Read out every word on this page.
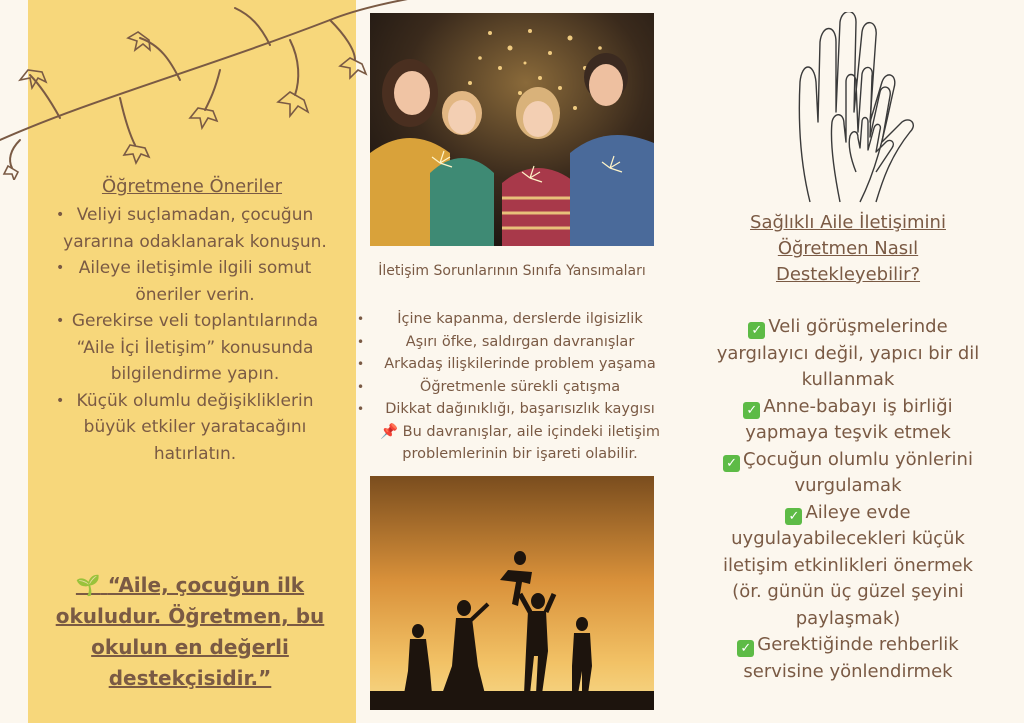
Öğretmene Öneriler
• Veliyi suçlamadan, çocuğun yararına odaklanarak konuşun.
• Aileye iletişimle ilgili somut öneriler verin.
• Gerekirse veli toplantılarında “Aile İçi İletişim” konusunda bilgilendirme yapın.
• Küçük olumlu değişikliklerin büyük etkiler yaratacağını hatırlatın.
🌱 “Aile, çocuğun ilk okuludur. Öğretmen, bu okulun en değerli destekçisidir.”
İletişim Sorunlarının Sınıfa Yansımaları
• İçine kapanma, derslerde ilgisizlik
• Aşırı öfke, saldırgan davranışlar
• Arkadaş ilişkilerinde problem yaşama
• Öğretmenle sürekli çatışma
• Dikkat dağınıklığı, başarısızlık kaygısı
📌 Bu davranışlar, aile içindeki iletişim problemlerinin bir işareti olabilir.
Sağlıklı Aile İletişimini Öğretmen Nasıl Destekleyebilir?
✓ Veli görüşmelerinde yargılayıcı değil, yapıcı bir dil kullanmak
✓ Anne-babayı iş birliği yapmaya teşvik etmek
✓ Çocuğun olumlu yönlerini vurgulamak
✓ Aileye evde uygulayabilecekleri küçük iletişim etkinlikleri önermek (ör. günün üç güzel şeyini paylaşmak)
✓ Gerektiğinde rehberlik servisine yönlendirmek
